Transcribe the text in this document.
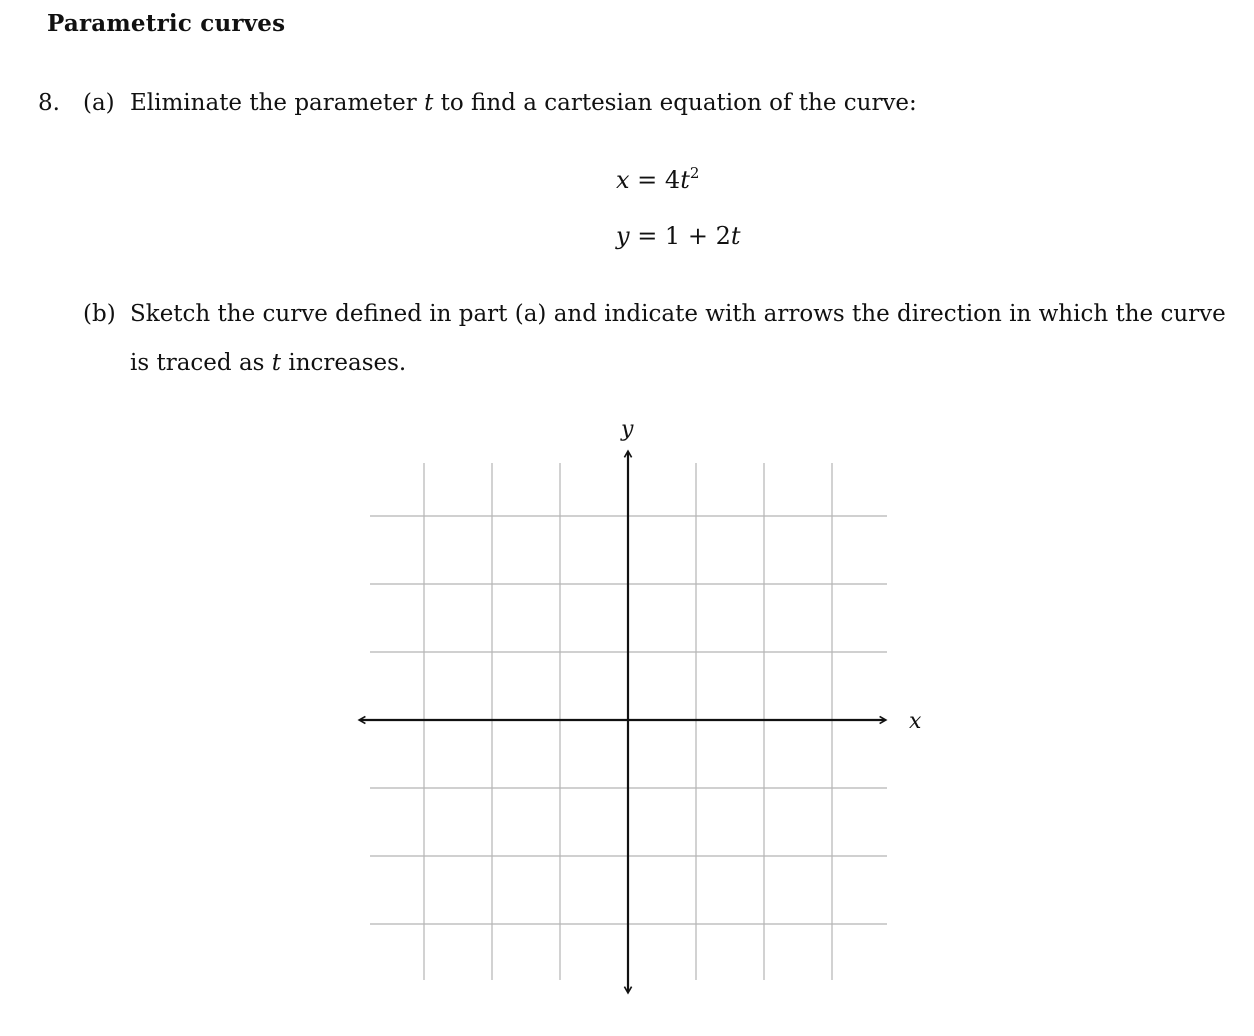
Parametric curves
8. (a) Eliminate the parameter t to find a cartesian equation of the curve:
$x = 4t^2$
y = 1 + 2t
(b) Sketch the curve defined in part (a) and indicate with arrows the direction in which the curve
is traced as t increases.
x
y
